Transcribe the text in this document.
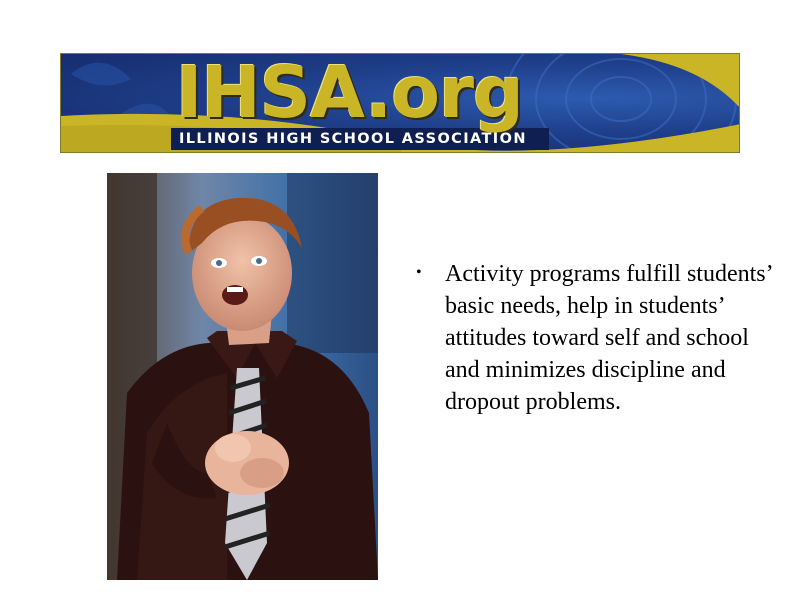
IHSA.org
ILLINOIS HIGH SCHOOL ASSOCIATION
• Activity programs fulfill students’ basic needs, help in students’ attitudes toward self and school and minimizes discipline and dropout problems.
